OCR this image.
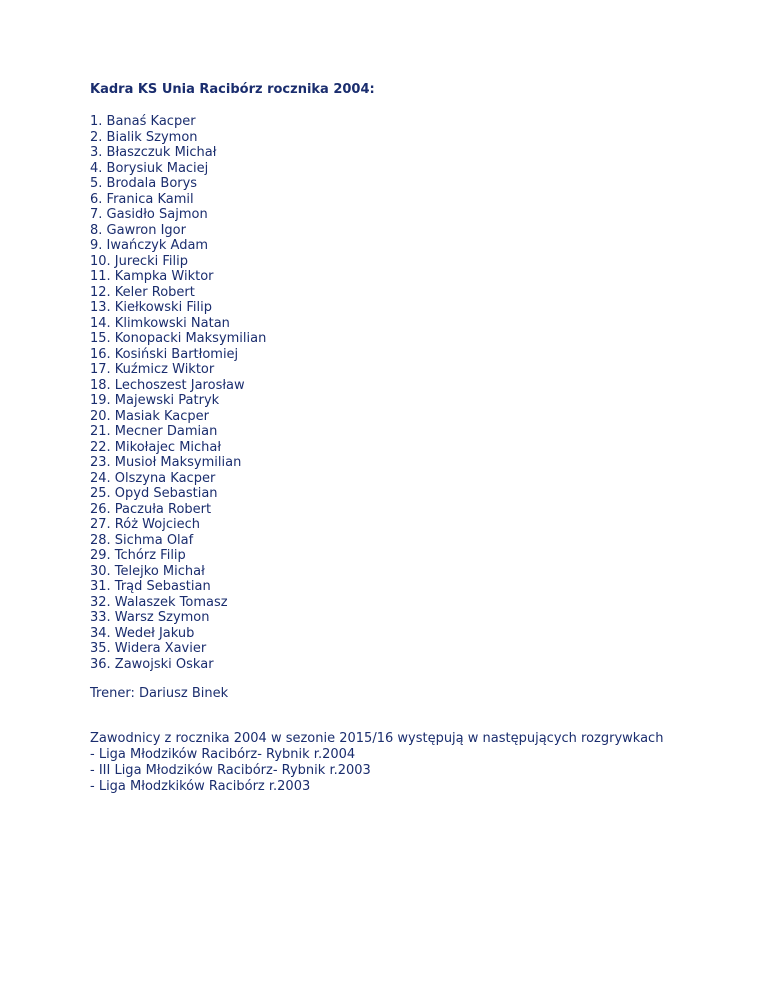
Kadra KS Unia Racibórz rocznika 2004:
1. Banaś Kacper
2. Bialik Szymon
3. Błaszczuk Michał
4. Borysiuk Maciej
5. Brodala Borys
6. Franica Kamil
7. Gasidło Sajmon
8. Gawron Igor
9. Iwańczyk Adam
10. Jurecki Filip
11. Kampka Wiktor
12. Keler Robert
13. Kiełkowski Filip
14. Klimkowski Natan
15. Konopacki Maksymilian
16. Kosiński Bartłomiej
17. Kuźmicz Wiktor
18. Lechoszest Jarosław
19. Majewski Patryk
20. Masiak Kacper
21. Mecner Damian
22. Mikołajec Michał
23. Musioł Maksymilian
24. Olszyna Kacper
25. Opyd Sebastian
26. Paczuła Robert
27. Róż Wojciech
28. Sichma Olaf
29. Tchórz Filip
30. Telejko Michał
31. Trąd Sebastian
32. Walaszek Tomasz
33. Warsz Szymon
34. Wedeł Jakub
35. Widera Xavier
36. Zawojski Oskar
Trener: Dariusz Binek
Zawodnicy z rocznika 2004 w sezonie 2015/16 występują w następujących rozgrywkach
- Liga Młodzików Racibórz- Rybnik r.2004
- III Liga Młodzików Racibórz- Rybnik r.2003
- Liga Młodzkików Racibórz r.2003
